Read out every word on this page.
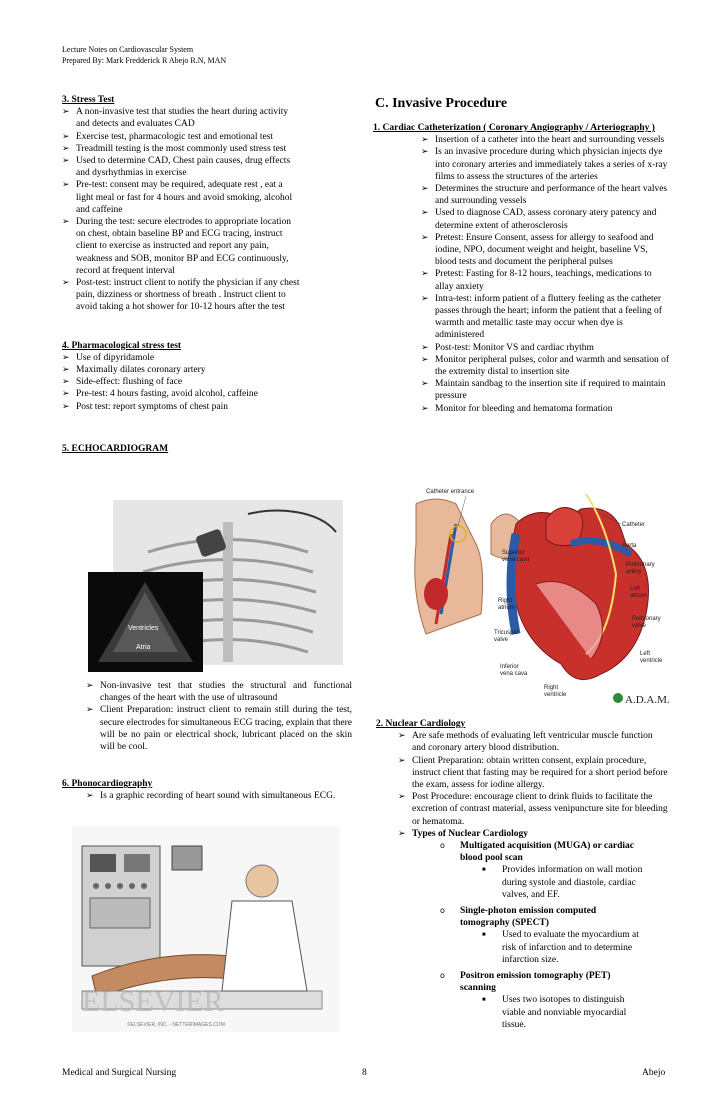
Lecture Notes on Cardiovascular System
Prepared By: Mark Fredderick R Abejo R.N, MAN
3. Stress Test
➢ A non-invasive test that studies the heart during activity and detects and evaluates CAD
➢ Exercise test, pharmacologic test and emotional test
➢ Treadmill testing is the most commonly used stress test
➢ Used to determine CAD, Chest pain causes, drug effects and dysrhythmias in exercise
➢ Pre-test: consent may be required, adequate rest , eat a light meal or fast for 4 hours and avoid smoking, alcohol and caffeine
➢ During the test: secure electrodes to appropriate location on chest, obtain baseline BP and ECG tracing, instruct client to exercise as instructed and report any pain, weakness and SOB, monitor BP and ECG continuously, record at frequent interval
➢ Post-test: instruct client to notify the physician if any chest pain, dizziness or shortness of breath . Instruct client to avoid taking a hot shower for 10-12 hours after the test
4. Pharmacological stress test
➢ Use of dipyridamole
➢ Maximally dilates coronary artery
➢ Side-effect: flushing of face
➢ Pre-test: 4 hours fasting, avoid alcohol, caffeine
➢ Post test: report symptoms of chest pain
5. ECHOCARDIOGRAM
Ventricles
Atria
➢ Non-invasive test that studies the structural and functional changes of the heart with the use of ultrasound
➢ Client Preparation: instruct client to remain still during the test, secure electrodes for simultaneous ECG tracing, explain that there will be no pain or electrical shock, lubricant placed on the skin will be cool.
6. Phonocardiography
➢ Is a graphic recording of heart sound with simultaneous ECG.
ELSEVIER
©ELSEVIER, INC. - NETTERIMAGES.COM
C. Invasive Procedure
1. Cardiac Catheterization ( Coronary Angiography / Arteriography )
➢ Insertion of a catheter into the heart and surrounding vessels
➢ Is an invasive procedure during which physician injects dye into coronary arteries and immediately takes a series of x-ray films to assess the structures of the arteries
➢ Determines the structure and performance of the heart valves and surrounding vessels
➢ Used to diagnose CAD, assess coronary atery patency and determine extent of atherosclerosis
➢ Pretest: Ensure Consent, assess for allergy to seafood and iodine, NPO, document weight and height, baseline VS, blood tests and document the peripheral pulses
➢ Pretest: Fasting for 8-12 hours, teachings, medications to allay anxiety
➢ Intra-test: inform patient of a fluttery feeling as the catheter passes through the heart; inform the patient that a feeling of warmth and metallic taste may occur when dye is administered
➢ Post-test: Monitor VS and cardiac rhythm
➢ Monitor peripheral pulses, color and warmth and sensation of the extremity distal to insertion site
➢ Maintain sandbag to the insertion site if required to maintain pressure
➢ Monitor for bleeding and hematoma formation
Catheter entrance
Catheter
Aorta
Superior vena cava
Pulmonary artery
Left atrium
Right atrium
Pulmonary valve
Tricuspid valve
Left ventricle
Inferior vena cava
Right ventricle	A.D.A.M.
2. Nuclear Cardiology
➢ Are safe methods of evaluating left ventricular muscle function and coronary artery blood distribution.
➢ Client Preparation: obtain written consent, explain procedure, instruct client that fasting may be required for a short period before the exam, assess for iodine allergy.
➢ Post Procedure: encourage client to drink fluids to facilitate the excretion of contrast material, assess venipuncture site for bleeding or hematoma.
➢ Types of Nuclear Cardiology
o Multigated acquisition (MUGA) or cardiac blood pool scan
■ Provides information on wall motion during systole and diastole, cardiac valves, and EF.
o Single-photon emission computed tomography (SPECT)
■ Used to evaluate the myocardium at risk of infarction and to determine infarction size.
o Positron emission tomography (PET) scanning
■ Uses two isotopes to distinguish viable and nonviable myocardial tissue.
Medical and Surgical Nursing	8	Abejo
